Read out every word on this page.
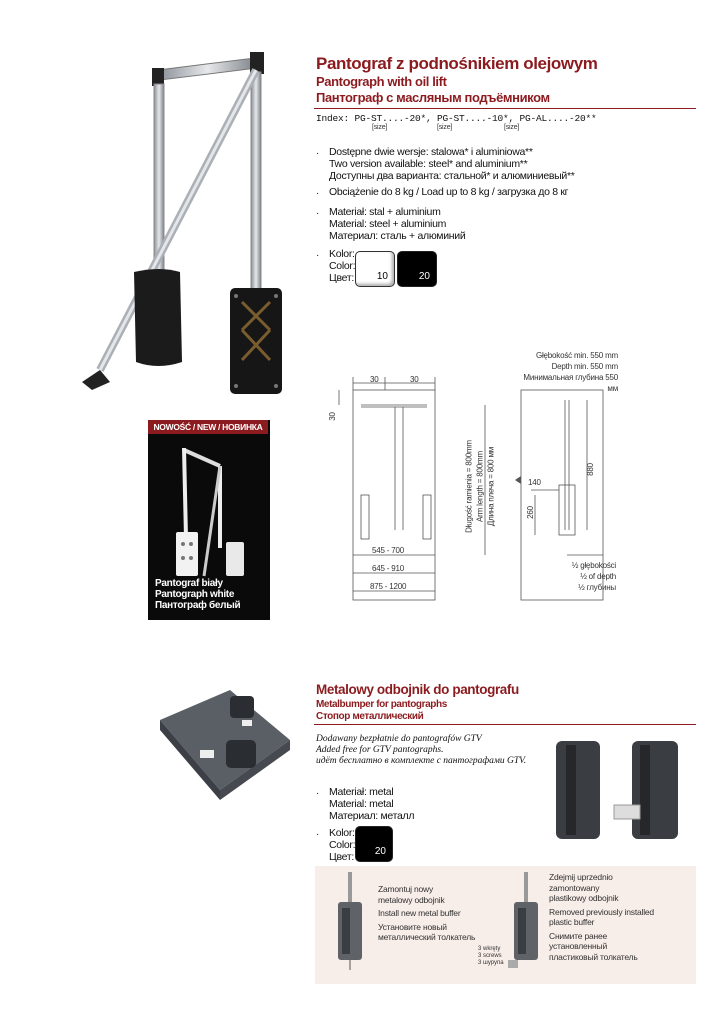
Pantograf z podnośnikiem olejowym
Pantograph with oil lift
Пантограф с масляным подъёмником
Index: PG-ST....-20*, PG-ST....-10*, PG-AL....-20**
[size]	[size]	[size]
· Dostępne dwie wersje: stalowa* i aluminiowa**
Two version available: steel* and aluminium**
Доступны два варианта: стальной* и алюминиевый**
· Obciążenie do 8 kg / Load up to 8 kg / загрузка до 8 кг
· Materiał: stal + aluminium
Material: steel + aluminium
Материал: сталь + алюминий
· Kolor:
Color:
Цвет: 10	20
NOWOŚĆ / NEW / НОВИНКА
Pantograf biały
Pantograph white
Пантограф белый
Głębokość min. 550 mm
Depth min. 550 mm
Минимальная глубина 550 мм
30	30
30
Długość ramienia = 800mm Arm length = 800mm Длина плеча = 800 мм
545 - 700
645 - 910
875 - 1200
140
260
880
½ głębokości
½ of depth
½ глубины
Metalowy odbojnik do pantografu
Metalbumper for pantographs
Стопор металлический
Dodawany bezpłatnie do pantografów GTV
Added free for GTV pantographs.
идёт бесплатно в комплекте с пантографами GTV.
· Materiał: metal
Material: metal
Материал: металл
· Kolor:
Color:
Цвет: 20
Zamontuj nowy
metalowy odbojnik
Install new metal buffer
Установите новый
металлический толкатель
3 wkręty
3 screws
3 шурупа
Zdejmij uprzednio
zamontowany
plastikowy odbojnik
Removed previously installed
plastic buffer
Снимите ранее
установленный
пластиковый толкатель
